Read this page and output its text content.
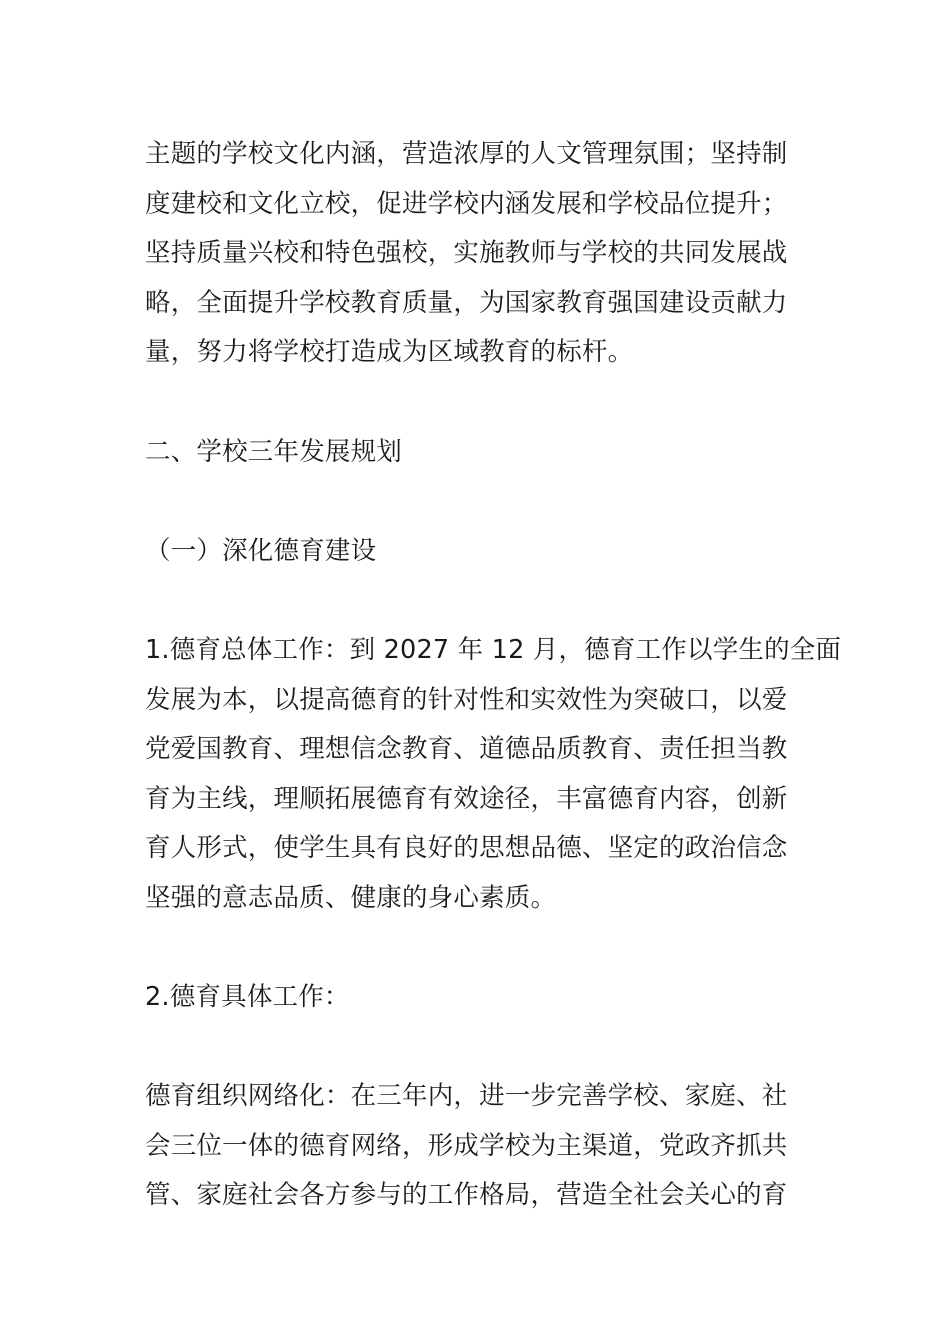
主题的学校文化内涵，营造浓厚的人文管理氛围；坚持制
度建校和文化立校，促进学校内涵发展和学校品位提升；
坚持质量兴校和特色强校，实施教师与学校的共同发展战
略，全面提升学校教育质量，为国家教育强国建设贡献力
量，努力将学校打造成为区域教育的标杆。
二、学校三年发展规划
（一）深化德育建设
1.德育总体工作：到 2027 年 12 月，德育工作以学生的全面
发展为本，以提高德育的针对性和实效性为突破口，以爱
党爱国教育、理想信念教育、道德品质教育、责任担当教
育为主线，理顺拓展德育有效途径，丰富德育内容，创新
育人形式，使学生具有良好的思想品德、坚定的政治信念
坚强的意志品质、健康的身心素质。
2.德育具体工作：
德育组织网络化：在三年内，进一步完善学校、家庭、社
会三位一体的德育网络，形成学校为主渠道，党政齐抓共
管、家庭社会各方参与的工作格局，营造全社会关心的育
